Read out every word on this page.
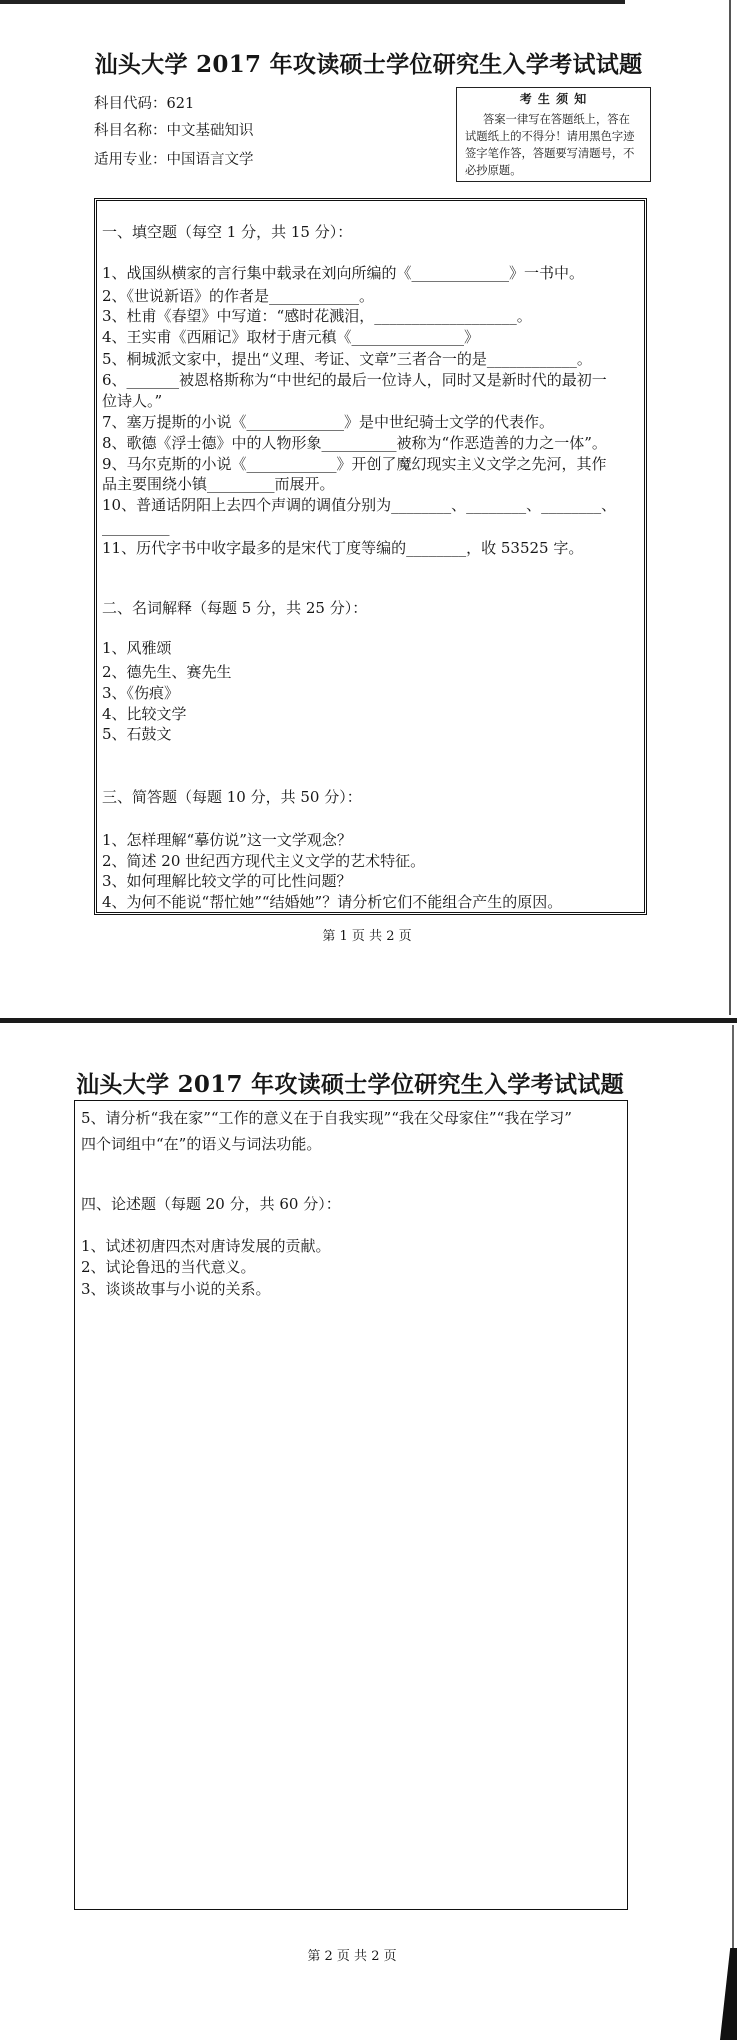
汕头大学 2017 年攻读硕士学位研究生入学考试试题
科目代码：621
科目名称：中文基础知识
适用专业：中国语言文学
考 生 须 知
答案一律写在答题纸上，答在
试题纸上的不得分！请用黑色字迹
签字笔作答，答题要写清题号，不
必抄原题。
一、填空题（每空 1 分，共 15 分）：
1、战国纵横家的言行集中载录在刘向所编的《_____________》一书中。
2、《世说新语》的作者是____________。
3、杜甫《春望》中写道：“感时花溅泪，___________________。
4、王实甫《西厢记》取材于唐元稹《_______________》
5、桐城派文家中，提出“义理、考证、文章”三者合一的是____________。
6、_______被恩格斯称为“中世纪的最后一位诗人，同时又是新时代的最初一
位诗人。”
7、塞万提斯的小说《_____________》是中世纪骑士文学的代表作。
8、歌德《浮士德》中的人物形象__________被称为“作恶造善的力之一体”。
9、马尔克斯的小说《____________》开创了魔幻现实主义文学之先河，其作
品主要围绕小镇_________而展开。
10、普通话阴阳上去四个声调的调值分别为________、________、________、
_________
11、历代字书中收字最多的是宋代丁度等编的________，收 53525 字。
二、名词解释（每题 5 分，共 25 分）：
1、风雅颂
2、德先生、赛先生
3、《伤痕》
4、比较文学
5、石鼓文
三、简答题（每题 10 分，共 50 分）：
1、怎样理解“摹仿说”这一文学观念？
2、简述 20 世纪西方现代主义文学的艺术特征。
3、如何理解比较文学的可比性问题？
4、为何不能说“帮忙她”“结婚她”？请分析它们不能组合产生的原因。
第 1 页 共 2 页
汕头大学 2017 年攻读硕士学位研究生入学考试试题
5、请分析“我在家”“工作的意义在于自我实现”“我在父母家住”“我在学习”
四个词组中“在”的语义与词法功能。
四、论述题（每题 20 分，共 60 分）：
1、试述初唐四杰对唐诗发展的贡献。
2、试论鲁迅的当代意义。
3、谈谈故事与小说的关系。
第 2 页 共 2 页
